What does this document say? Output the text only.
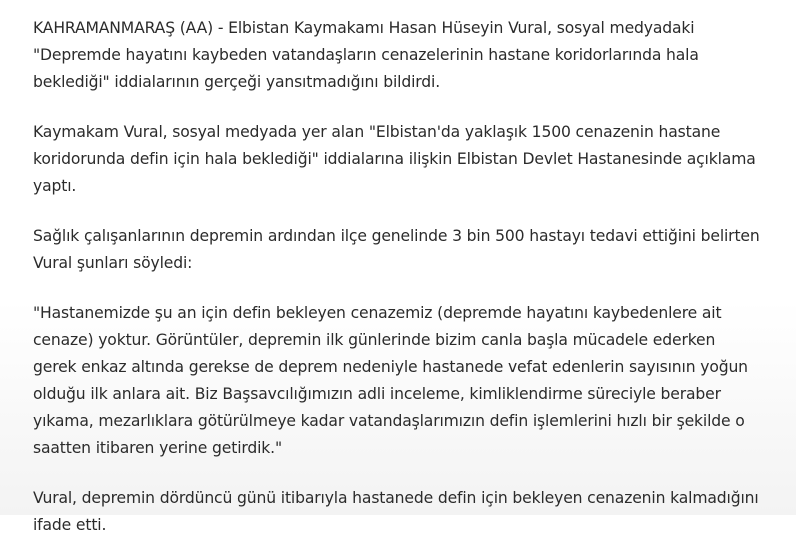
KAHRAMANMARAŞ (AA) - Elbistan Kaymakamı Hasan Hüseyin Vural, sosyal medyadaki "Depremde hayatını kaybeden vatandaşların cenazelerinin hastane koridorlarında hala beklediği" iddialarının gerçeği yansıtmadığını bildirdi.

Kaymakam Vural, sosyal medyada yer alan "Elbistan'da yaklaşık 1500 cenazenin hastane koridorunda defin için hala beklediği" iddialarına ilişkin Elbistan Devlet Hastanesinde açıklama yaptı.

Sağlık çalışanlarının depremin ardından ilçe genelinde 3 bin 500 hastayı tedavi ettiğini belirten Vural şunları söyledi:

"Hastanemizde şu an için defin bekleyen cenazemiz (depremde hayatını kaybedenlere ait cenaze) yoktur. Görüntüler, depremin ilk günlerinde bizim canla başla mücadele ederken gerek enkaz altında gerekse de deprem nedeniyle hastanede vefat edenlerin sayısının yoğun olduğu ilk anlara ait. Biz Başsavcılığımızın adli inceleme, kimliklendirme süreciyle beraber yıkama, mezarlıklara götürülmeye kadar vatandaşlarımızın defin işlemlerini hızlı bir şekilde o saatten itibaren yerine getirdik."

Vural, depremin dördüncü günü itibarıyla hastanede defin için bekleyen cenazenin kalmadığını ifade etti.
